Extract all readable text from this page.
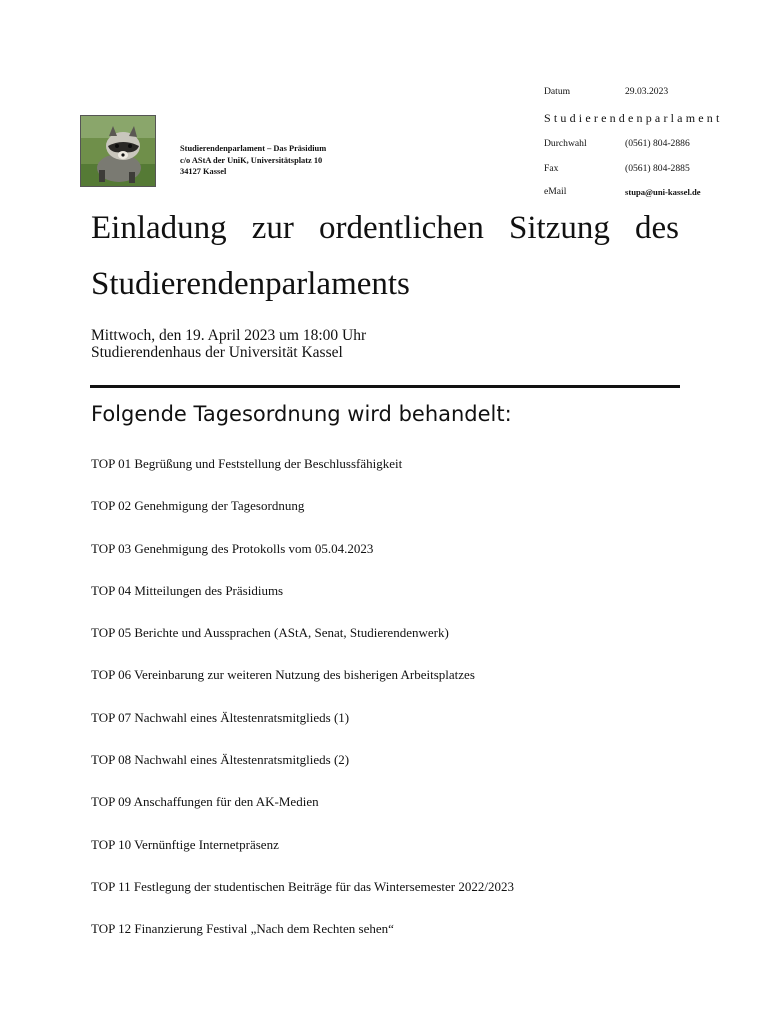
Studierendenparlament – Das Präsidium
c/o AStA der UniK, Universitätsplatz 10
34127 Kassel
Datum	29.03.2023
Studierendenparlament
Durchwahl	(0561) 804-2886
Fax	(0561) 804-2885
eMail	stupa@uni-kassel.de
Einladung zur ordentlichen Sitzung des
Studierendenparlaments
Mittwoch, den 19. April 2023 um 18:00 Uhr
Studierendenhaus der Universität Kassel
Folgende Tagesordnung wird behandelt:
TOP 01 Begrüßung und Feststellung der Beschlussfähigkeit
TOP 02 Genehmigung der Tagesordnung
TOP 03 Genehmigung des Protokolls vom 05.04.2023
TOP 04 Mitteilungen des Präsidiums
TOP 05 Berichte und Aussprachen (AStA, Senat, Studierendenwerk)
TOP 06 Vereinbarung zur weiteren Nutzung des bisherigen Arbeitsplatzes
TOP 07 Nachwahl eines Ältestenratsmitglieds (1)
TOP 08 Nachwahl eines Ältestenratsmitglieds (2)
TOP 09 Anschaffungen für den AK-Medien
TOP 10 Vernünftige Internetpräsenz
TOP 11 Festlegung der studentischen Beiträge für das Wintersemester 2022/2023
TOP 12 Finanzierung Festival „Nach dem Rechten sehen“
